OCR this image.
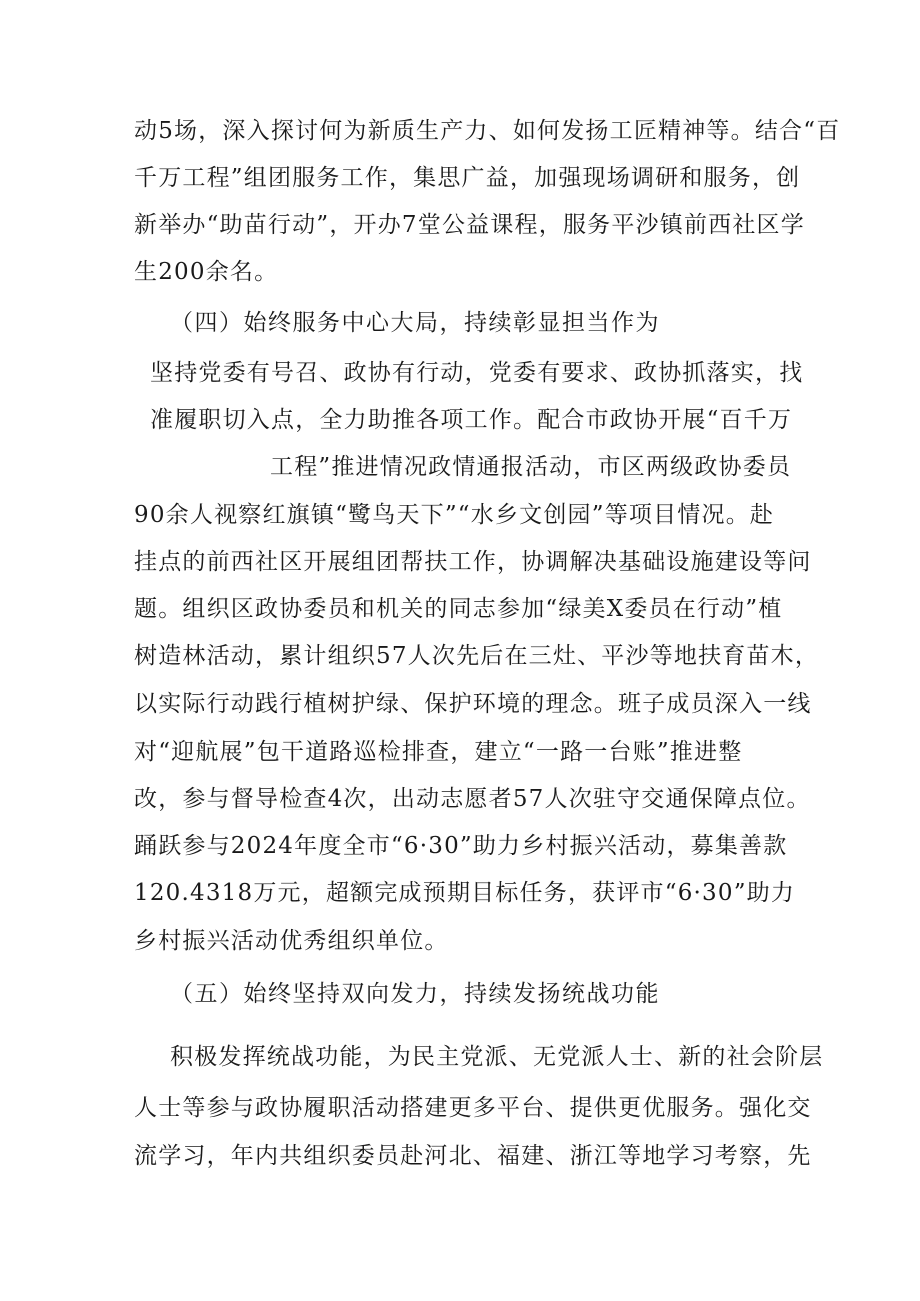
动5场，深入探讨何为新质生产力、如何发扬工匠精神等。结合“百
千万工程”组团服务工作，集思广益，加强现场调研和服务，创
新举办“助苗行动”，开办7堂公益课程，服务平沙镇前西社区学
生200余名。
（四）始终服务中心大局，持续彰显担当作为
坚持党委有号召、政协有行动，党委有要求、政协抓落实，找
准履职切入点，全力助推各项工作。配合市政协开展“百千万
工程”推进情况政情通报活动，市区两级政协委员
90余人视察红旗镇“鹭鸟天下”“水乡文创园”等项目情况。赴
挂点的前西社区开展组团帮扶工作，协调解决基础设施建设等问
题。组织区政协委员和机关的同志参加“绿美X委员在行动”植
树造林活动，累计组织57人次先后在三灶、平沙等地扶育苗木，
以实际行动践行植树护绿、保护环境的理念。班子成员深入一线
对“迎航展”包干道路巡检排查，建立“一路一台账”推进整
改，参与督导检查4次，出动志愿者57人次驻守交通保障点位。
踊跃参与2024年度全市“6·30”助力乡村振兴活动，募集善款
120.4318万元，超额完成预期目标任务，获评市“6·30”助力
乡村振兴活动优秀组织单位。
（五）始终坚持双向发力，持续发扬统战功能
积极发挥统战功能，为民主党派、无党派人士、新的社会阶层
人士等参与政协履职活动搭建更多平台、提供更优服务。强化交
流学习，年内共组织委员赴河北、福建、浙江等地学习考察，先
